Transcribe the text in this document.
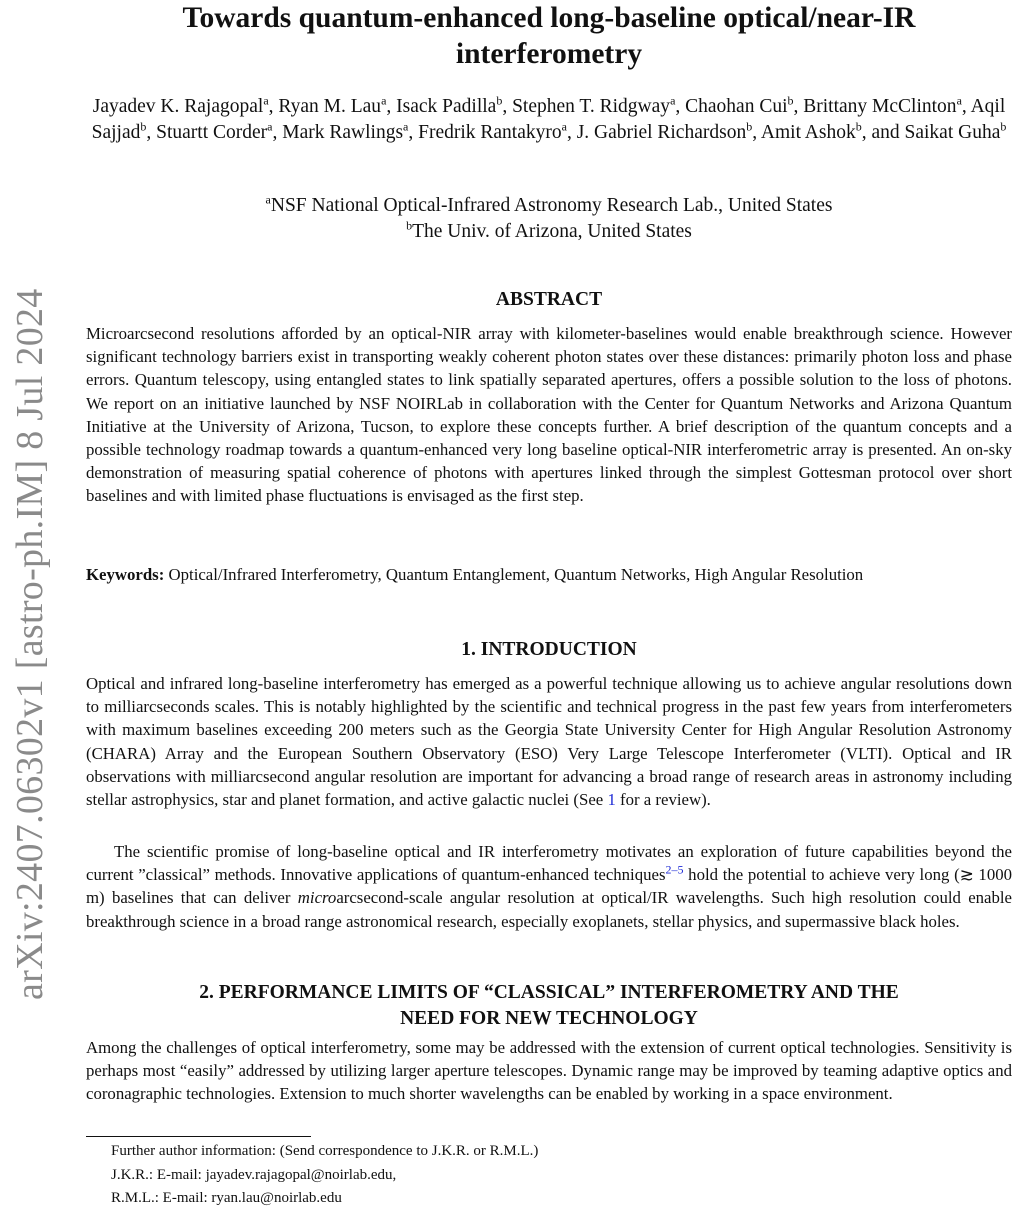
arXiv:2407.06302v1 [astro-ph.IM] 8 Jul 2024
Towards quantum-enhanced long-baseline optical/near-IR interferometry

Jayadev K. Rajagopal$^a$, Ryan M. Lau$^a$, Isack Padilla$^b$, Stephen T. Ridgway$^a$, Chaohan Cui$^b$, Brittany McClinton$^a$, Aqil Sajjad$^b$, Stuartt Corder$^a$, Mark Rawlings$^a$, Fredrik Rantakyro$^a$, J. Gabriel Richardson$^b$, Amit Ashok$^b$, and Saikat Guha$^b$

$^a$NSF National Optical-Infrared Astronomy Research Lab., United States
$^b$The Univ. of Arizona, United States
ABSTRACT

Microarcsecond resolutions afforded by an optical-NIR array with kilometer-baselines would enable breakthrough science. However significant technology barriers exist in transporting weakly coherent photon states over these distances: primarily photon loss and phase errors. Quantum telescopy, using entangled states to link spatially separated apertures, offers a possible solution to the loss of photons. We report on an initiative launched by NSF NOIRLab in collaboration with the Center for Quantum Networks and Arizona Quantum Initiative at the University of Arizona, Tucson, to explore these concepts further. A brief description of the quantum concepts and a possible technology roadmap towards a quantum-enhanced very long baseline optical-NIR interferometric array is presented. An on-sky demonstration of measuring spatial coherence of photons with apertures linked through the simplest Gottesman protocol over short baselines and with limited phase fluctuations is envisaged as the first step.

Keywords: Optical/Infrared Interferometry, Quantum Entanglement, Quantum Networks, High Angular Resolution

1. INTRODUCTION

Optical and infrared long-baseline interferometry has emerged as a powerful technique allowing us to achieve angular resolutions down to milliarcseconds scales. This is notably highlighted by the scientific and technical progress in the past few years from interferometers with maximum baselines exceeding 200 meters such as the Georgia State University Center for High Angular Resolution Astronomy (CHARA) Array and the European Southern Observatory (ESO) Very Large Telescope Interferometer (VLTI). Optical and IR observations with milliarcsecond angular resolution are important for advancing a broad range of research areas in astronomy including stellar astrophysics, star and planet formation, and active galactic nuclei (See 1 for a review).

The scientific promise of long-baseline optical and IR interferometry motivates an exploration of future capabilities beyond the current ”classical” methods. Innovative applications of quantum-enhanced techniques$^{2-5}$ hold the potential to achieve very long (≳ 1000 m) baselines that can deliver microarcsecond-scale angular resolution at optical/IR wavelengths. Such high resolution could enable breakthrough science in a broad range astronomical research, especially exoplanets, stellar physics, and supermassive black holes.

2. PERFORMANCE LIMITS OF “CLASSICAL” INTERFEROMETRY AND THE
NEED FOR NEW TECHNOLOGY

Among the challenges of optical interferometry, some may be addressed with the extension of current optical technologies. Sensitivity is perhaps most “easily” addressed by utilizing larger aperture telescopes. Dynamic range may be improved by teaming adaptive optics and coronagraphic technologies. Extension to much shorter wavelengths can be enabled by working in a space environment.

Further author information: (Send correspondence to J.K.R. or R.M.L.)
J.K.R.: E-mail: jayadev.rajagopal@noirlab.edu,
R.M.L.: E-mail: ryan.lau@noirlab.edu
